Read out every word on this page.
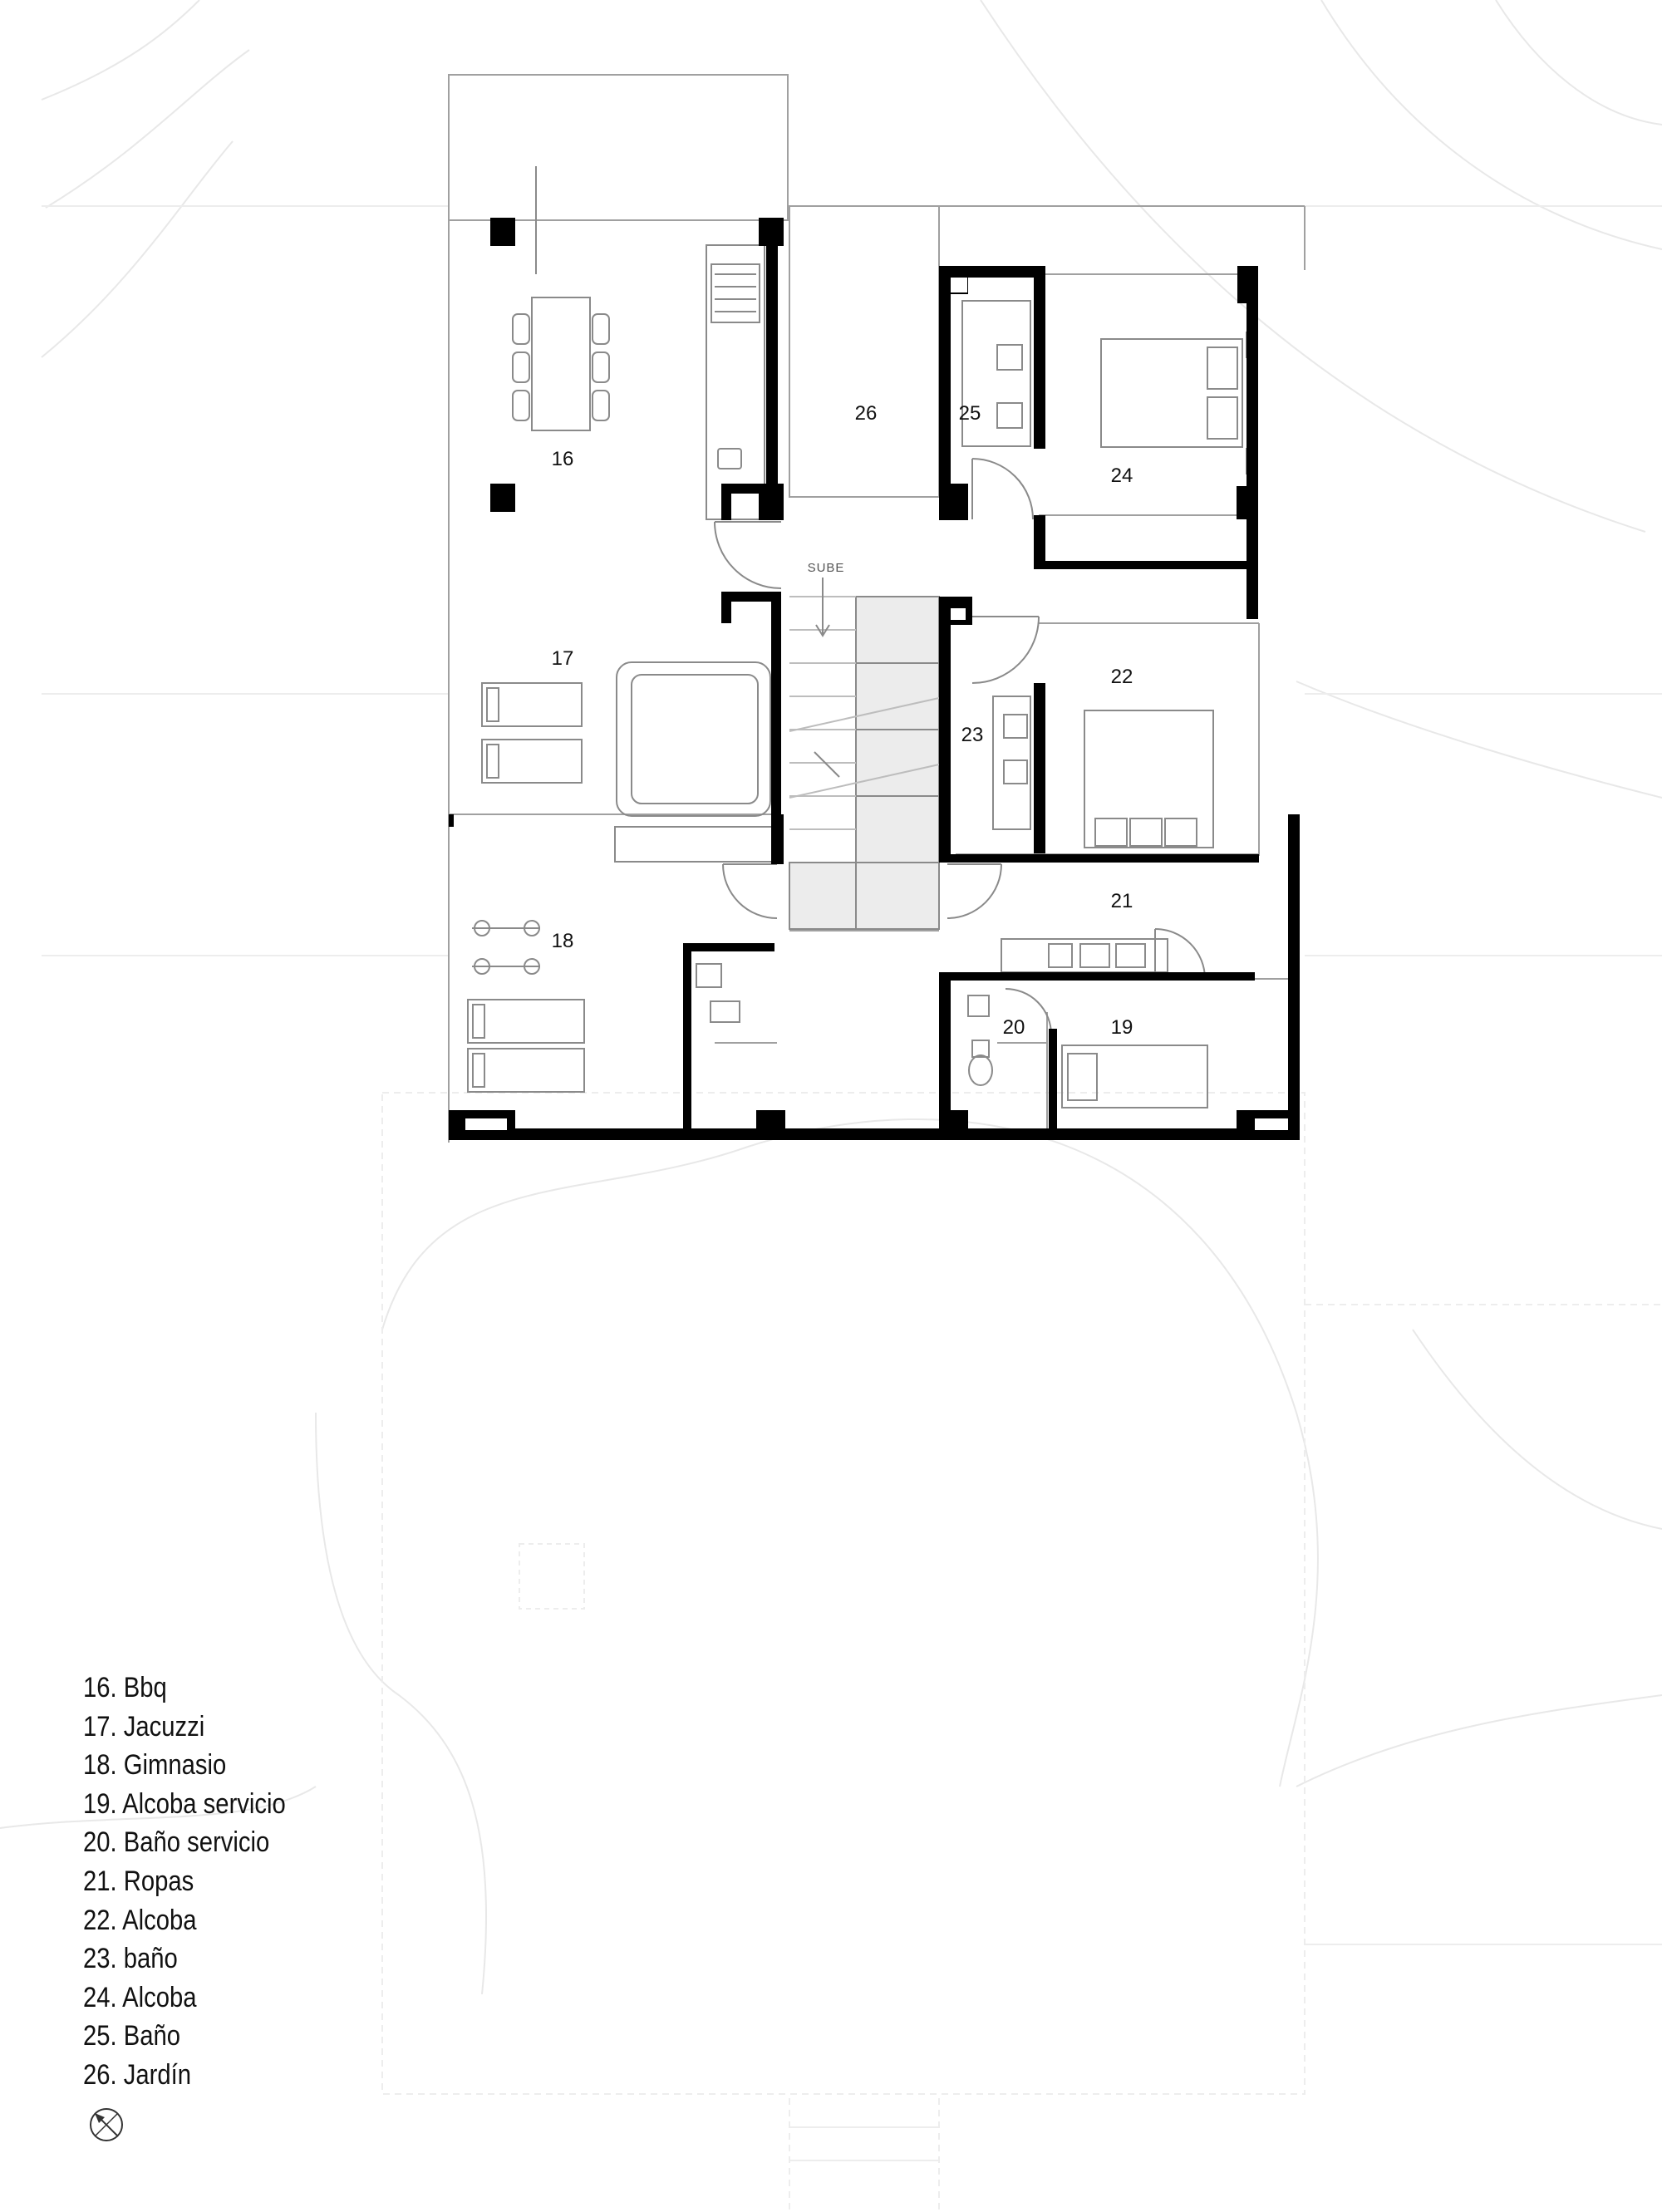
16
17
18
19
20
21
22
23
24
25
26
SUBE
16. Bbq
17. Jacuzzi
18. Gimnasio
19. Alcoba servicio
20. Baño servicio
21. Ropas
22. Alcoba
23. baño
24. Alcoba
25. Baño
26. Jardín
